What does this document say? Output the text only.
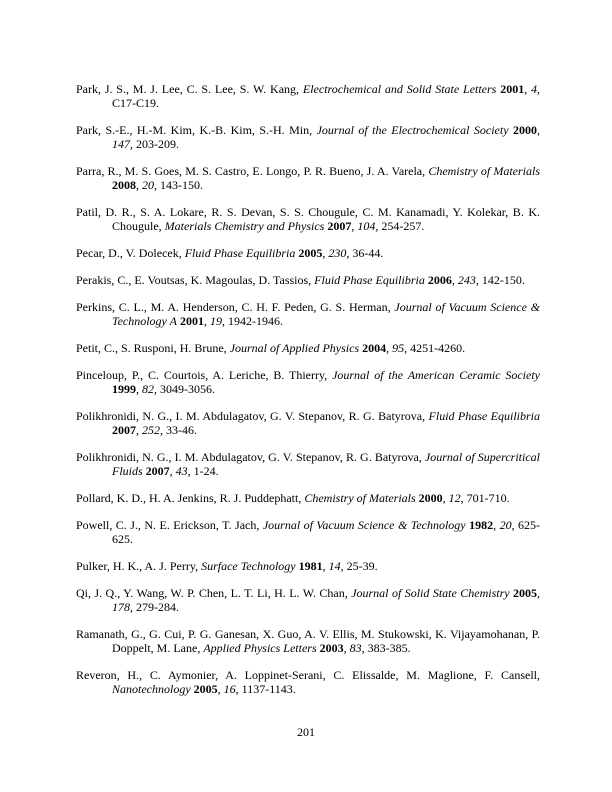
Park, J. S., M. J. Lee, C. S. Lee, S. W. Kang, Electrochemical and Solid State Letters 2001, 4, C17-C19.

Park, S.-E., H.-M. Kim, K.-B. Kim, S.-H. Min, Journal of the Electrochemical Society 2000, 147, 203-209.

Parra, R., M. S. Goes, M. S. Castro, E. Longo, P. R. Bueno, J. A. Varela, Chemistry of Materials 2008, 20, 143-150.

Patil, D. R., S. A. Lokare, R. S. Devan, S. S. Chougule, C. M. Kanamadi, Y. Kolekar, B. K. Chougule, Materials Chemistry and Physics 2007, 104, 254-257.

Pecar, D., V. Dolecek, Fluid Phase Equilibria 2005, 230, 36-44.

Perakis, C., E. Voutsas, K. Magoulas, D. Tassios, Fluid Phase Equilibria 2006, 243, 142-150.

Perkins, C. L., M. A. Henderson, C. H. F. Peden, G. S. Herman, Journal of Vacuum Science & Technology A 2001, 19, 1942-1946.

Petit, C., S. Rusponi, H. Brune, Journal of Applied Physics 2004, 95, 4251-4260.

Pinceloup, P., C. Courtois, A. Leriche, B. Thierry, Journal of the American Ceramic Society 1999, 82, 3049-3056.

Polikhronidi, N. G., I. M. Abdulagatov, G. V. Stepanov, R. G. Batyrova, Fluid Phase Equilibria 2007, 252, 33-46.

Polikhronidi, N. G., I. M. Abdulagatov, G. V. Stepanov, R. G. Batyrova, Journal of Supercritical Fluids 2007, 43, 1-24.

Pollard, K. D., H. A. Jenkins, R. J. Puddephatt, Chemistry of Materials 2000, 12, 701-710.

Powell, C. J., N. E. Erickson, T. Jach, Journal of Vacuum Science & Technology 1982, 20, 625-625.

Pulker, H. K., A. J. Perry, Surface Technology 1981, 14, 25-39.

Qi, J. Q., Y. Wang, W. P. Chen, L. T. Li, H. L. W. Chan, Journal of Solid State Chemistry 2005, 178, 279-284.

Ramanath, G., G. Cui, P. G. Ganesan, X. Guo, A. V. Ellis, M. Stukowski, K. Vijayamohanan, P. Doppelt, M. Lane, Applied Physics Letters 2003, 83, 383-385.

Reveron, H., C. Aymonier, A. Loppinet-Serani, C. Elissalde, M. Maglione, F. Cansell, Nanotechnology 2005, 16, 1137-1143.

201
